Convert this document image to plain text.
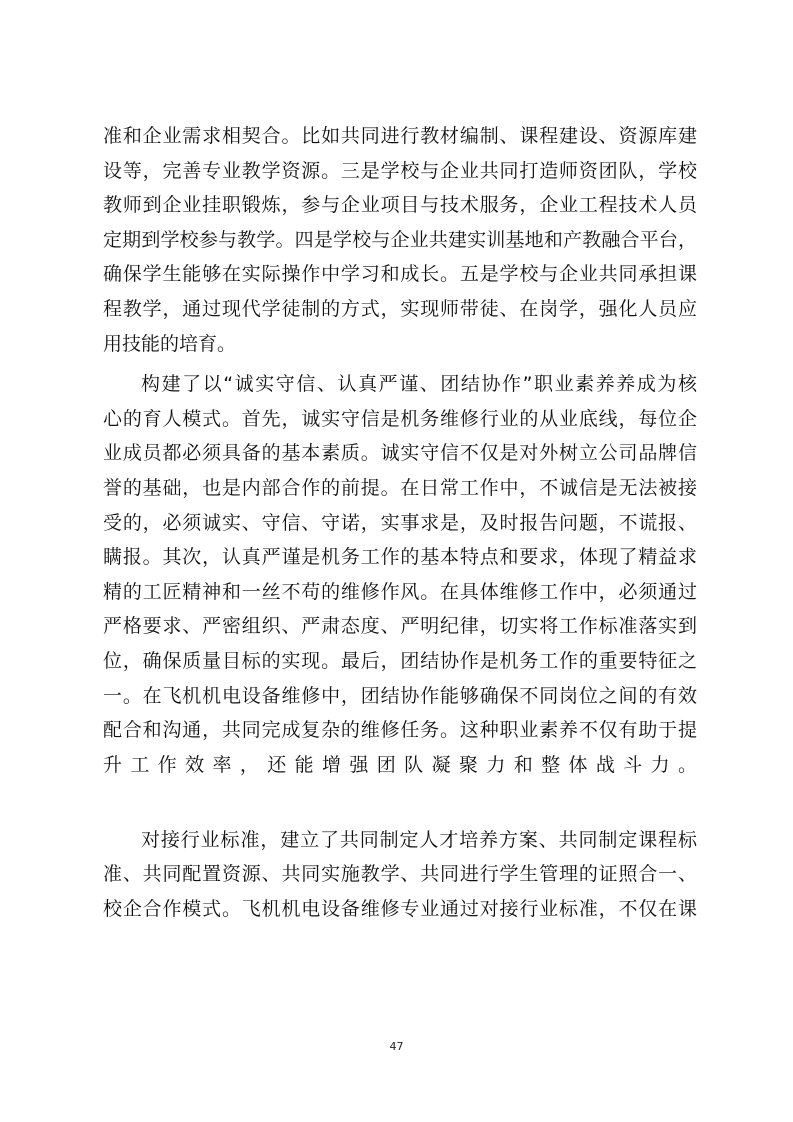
准和企业需求相契合。比如共同进行教材编制、课程建设、资源库建
设等，完善专业教学资源。三是学校与企业共同打造师资团队，学校
教师到企业挂职锻炼，参与企业项目与技术服务，企业工程技术人员
定期到学校参与教学。四是学校与企业共建实训基地和产教融合平台，
确保学生能够在实际操作中学习和成长。五是学校与企业共同承担课
程教学，通过现代学徒制的方式，实现师带徒、在岗学，强化人员应
用技能的培育。
构建了以“诚实守信、认真严谨、团结协作”职业素养养成为核
心的育人模式。首先，诚实守信是机务维修行业的从业底线，每位企
业成员都必须具备的基本素质。诚实守信不仅是对外树立公司品牌信
誉的基础，也是内部合作的前提。在日常工作中，不诚信是无法被接
受的，必须诚实、守信、守诺，实事求是，及时报告问题，不谎报、
瞒报。其次，认真严谨是机务工作的基本特点和要求，体现了精益求
精的工匠精神和一丝不苟的维修作风。在具体维修工作中，必须通过
严格要求、严密组织、严肃态度、严明纪律，切实将工作标准落实到
位，确保质量目标的实现。最后，团结协作是机务工作的重要特征之
一。在飞机机电设备维修中，团结协作能够确保不同岗位之间的有效
配合和沟通，共同完成复杂的维修任务。这种职业素养不仅有助于提
升工作效率，还能增强团队凝聚力和整体战斗力。
对接行业标准，建立了共同制定人才培养方案、共同制定课程标
准、共同配置资源、共同实施教学、共同进行学生管理的证照合一、
校企合作模式。飞机机电设备维修专业通过对接行业标准，不仅在课
47
